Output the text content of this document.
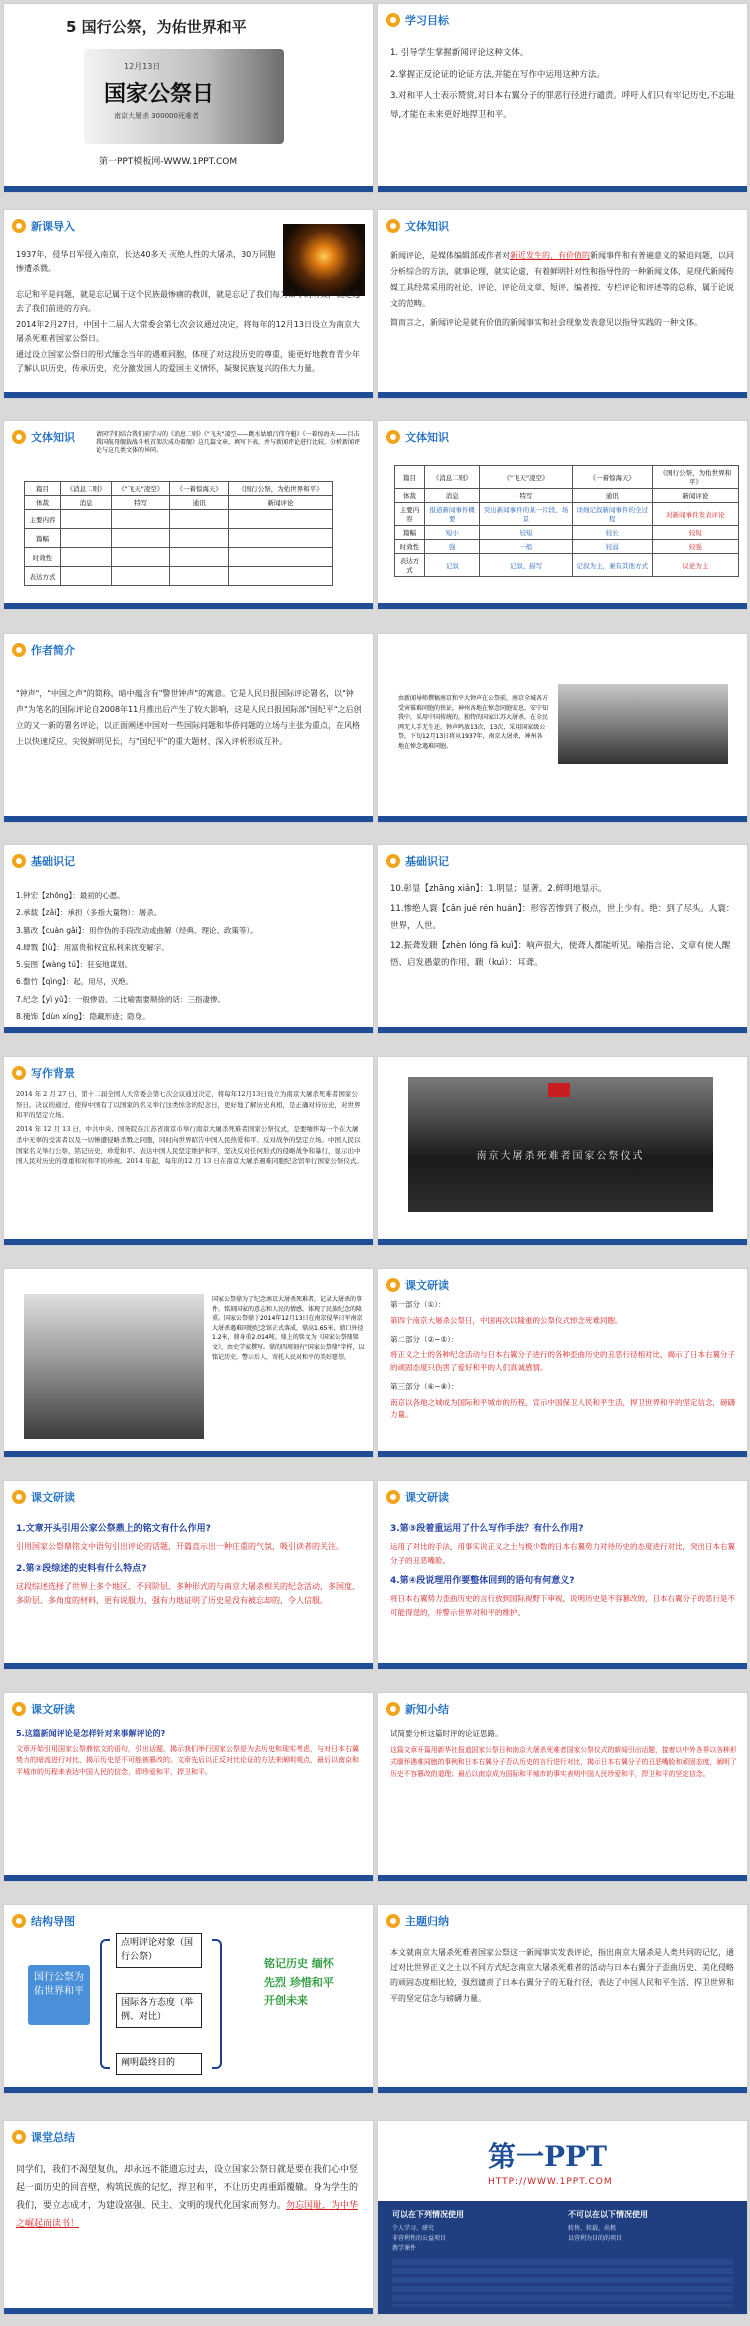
5 国行公祭，为佑世界和平
12月13日
国家公祭日
南京大屠杀 300000死难者
第一PPT模板网-WWW.1PPT.COM
学习目标

1. 引导学生掌握新闻评论这种文体。

2.掌握正反论证的论证方法,并能在写作中运用这种方法。

3.对和平人士表示赞赏,对日本右翼分子的罪恶行径进行谴责。呼吁人们只有牢记历史,不忘耻辱,才能在未来更好地捍卫和平。

新课导入

1937年，侵华日军侵入南京，长达40多天 灭绝人性的大屠杀，30万同胞惨遭杀戮。

忘记和平是问题，就是忘记属于这个民族最惨痛的教训，就是忘记了我们每为命令的对策，就是逃去了我们前进的方向。

2014年2月27日，中国十二届人大常委会第七次会议通过决定，将每年的12月13日设立为南京大屠杀死难者国家公祭日。

通过设立国家公祭日的形式缅念当年的遇难同胞，体现了对这段历史的尊重，能更好地教育青少年了解认识历史，传承历史，充分激发国人的爱国主义情怀，凝聚民族复兴的伟大力量。

文体知识

新闻评论，是媒体编辑部或作者对新近发生的、有价值的新闻事件和有普遍意义的紧迫问题，以同分析综合的方法，就事论理，就实论虚，有着鲜明针对性和指导性的一种新闻文体，是现代新闻传媒工具经常采用的社论、评论、评论员文章、短评、编者按、专栏评论和评述等的总称，属于论说文的范畴。

简而言之，新闻评论是就有价值的新闻事实和社会现象发表意见以指导实践的一种文体。

文体知识	请同学们结合我们前学习的《消息二则》《"飞天"凌空——跳水姑娘吕伟夺魁》《一着惊海天——目击我国航母舰载战斗机首架次成功着舰》这几篇文章，填写下表，并与新闻评论进行比较，分析新闻评论与这几类文体的异同。
篇目	《消息二则》	《"飞天"凌空》	《一着惊海天》	《国行公祭，为佑世界和平》
体裁	消息	特写	通讯	新闻评论
主要内容				
篇幅				
时效性				
表达方式				
文体知识
篇目	《消息二则》	《"飞天"凌空》	《一着惊海天》	《国行公祭，为佑世界和平》
体裁	消息	特写	通讯	新闻评论
主要内容	报道新闻事件概要	突出新闻事件的某一片段、场景	详细记叙新闻事件的全过程	对新闻事件发表评论
篇幅	短小	较短	较长	较短
时效性	强	一般	较弱	较强
表达方式	记叙	记叙、描写	记叙为主，兼有其他方式	议论为主
作者简介

"钟声"，"中国之声"的简称，暗中蕴含有"警世钟声"的寓意。它是人民日报国际评论署名，以"钟声"为笔名的国际评论自2008年11月推出后产生了较大影响，这是人民日报国际部"国纪平"之后创立的又一新的署名评论，以正面阐述中国对一些国际问题和华侨问题的立场与主张为重点，在风格上以快速反应、尖锐鲜明见长，与"国纪平"的重大题材、深入评析形成互补。

由新闻导师撰稿南京和平大钟声在公祭前，南京全城各方受害罹难同胞的铁证，神州各地在悼念同胞安息，安宁知我中，采用中国传统的，独特的国家江苏大屠杀，在全民网无人手无生还。钟声鸣放13次，13次，采用国家级公祭，下旬12月13日将从1937年，南京大屠杀，神州各地在悼念遇难同胞。
基础识记

1.钟宏【zhōng】：最初的心愿。

2.承载【zǎi】：承担（多指大量物）：屠杀。

3.篡改【cuàn gǎi】：用作伪的手段改动或曲解（经典、理论、政策等）。

4.肆戮【lù】：用富贵和权宜私利来扰变解字。

5.妄图【wàng tú】：狂妄地谋划。

6.罄竹【qìng】：起，用尽，灭绝。

7.纪念【yì yǔ】：一般惨语。二比喻需要顺徐的话：三指凄惨。

8.掩饰【dùn xíng】：隐藏形迹；隐身。

基础识记

10.彰显【zhāng xiǎn】：1.明显；显著。2.鲜明地显示。

11.惨绝人寰【cǎn jué rén huán】：形容苦惨到了极点，世上少有。绝：到了尽头。人寰：世界，人世。

12.振聋发聩【zhèn lóng fā kuì】：响声很大，使聋人都能听见。喻指言论、文章有使人醒悟、启发愚蒙的作用。聩（kuì）：耳聋。

写作背景

2014 年 2 月 27 日，第十二届全国人大常委会第七次会议通过决定，将每年12月13日设立为南京大屠杀死难者国家公祭日。决议的通过，使得中国有了以国家的名义举行这类悼念的纪念日，更好地了解历史真相，是正确对待历史，对世界和平的坚定立场。

2014 年 12 月 13 日，中共中央、国务院在江苏省南京市举行南京大屠杀死难者国家公祭仪式，是要缅怀每一个在大屠杀中无辜的受害者以及一切惨遭侵略杀戮之同胞，同时向世界昭告中国人民热爱和平、反对战争的坚定立场。中国人民以国家名义举行公祭，铭记历史，珍爱和平。表达中国人民坚定维护和平、坚决反对任何形式的侵略战争和暴行，显示出中国人民对历史的尊重和对和平的珍视。2014 年起，每年的12 月 13 日在南京大屠杀遇难同胞纪念馆举行国家公祭仪式。	南京大屠杀死难者国家公祭仪式
国家公祭鼎为了纪念南京大屠杀死难者，记录大屠杀的事件。铭刻国家的意志和人民的情感，体现了民族纪念的隆重。国家公祭鼎于2014年12月13日在南京侵华日军南京大屠杀遇难同胞纪念馆正式落成，鼎高1.65米，鼎口外径1.2米，鼎身重2.014吨。鼎上的铭文为《国家公祭鼎铭文》，由史学家撰写。鼎的四周刻有"国家公祭鼎"字样，以铭记历史，警示后人，寄托人民对和平的美好愿望。
课文研读

第一部分（①）：

第四个南京大屠杀公祭日，中国再次以隆重的公祭仪式悼念死难同胞。

第二部分（②~⑤）：

将正义之士的各种纪念活动与日本右翼分子进行的各种歪曲历史的丑恶行径相对比，揭示了日本右翼分子的顽固态度只伤害了爱好和平的人们真诚感情。

第三部分（⑥~⑧）：

南京以各地之城成为国际和平城市的历程，宣示中国保卫人民和平生活，捍卫世界和平的坚定信念，磅礴力量。

课文研读

1.文章开头引用公家公祭鼎上的铭文有什么作用?

引用国家公祭鼎铭文中语句引出评论的话题，开篇直示出一种庄重的气氛，吸引读者的关注。

2.第②段综述的史料有什么特点?

这段综述选择了世界上多个地区、不同阶层、多种形式的与南京大屠杀相关的纪念活动，多国度、多阶层、多角度的材料，更有说服力，强有力地证明了历史是没有被忘却的，令人信服。

课文研读

3.第③段着重运用了什么写作手法？有什么作用?

运用了对比的手法，用事实说正义之士与极少数的日本右翼势力对待历史的态度进行对比，突出日本右翼分子的丑恶嘴脸。

4.第④段说理用作要整体回到的语句有何意义?

将日本右翼势力歪曲历史的言行放到国际视野下审视，说明历史是不容篡改的，日本右翼分子的恶行是不可能得逞的，并警示世界对和平的维护。

课文研读

5.这篇新闻评论是怎样针对来事解评论的?

文章开始引用国家公祭鼎铭文的语句，引出话题，揭示我们举行国家公祭是为去历史和现实考虑，与对日本右翼势力的暗流进行对比，揭示历史是不可能被篡改的。文章先后以正反对比论证的方法来阐明观点，最后以南京和平城市的历程来表达中国人民的信念，即珍爱和平，捍卫和平。

新知小结

试简要分析这篇时评的论证思路。

这篇文章开篇用新华社报道国家公祭日和南京大屠杀死难者国家公祭仪式的新闻引出话题，接着以中外各界以各种形式缅怀遇难同胞的事例和日本右翼分子否认历史的言行进行对比，揭示日本右翼分子的丑恶嘴脸和顽固态度，阐明了历史不容篡改的道理；最后以南京成为国际和平城市的事实表明中国人民珍爱和平，捍卫和平的坚定信念。

结构导图
国行公祭为佑世界和平
点明评论对象（国行公祭）
国际各方态度（举例、对比）
阐明最终目的
铭记历史 缅怀先烈 珍惜和平 开创未来
主题归纳

本文就南京大屠杀死难者国家公祭这一新闻事实发表评论，指出南京大屠杀是人类共同的记忆，通过对比世界正义之士以不同方式纪念南京大屠杀死难者的活动与日本右翼分子歪曲历史、美化侵略的顽固态度相比较，强烈谴责了日本右翼分子的无耻行径，表达了中国人民和平生活、捍卫世界和平的坚定信念与磅礴力量。

课堂总结

同学们，我们不渴望复仇，却永远不能遗忘过去，设立国家公祭日就是要在我们心中竖起一面历史的回音壁，构筑民族的记忆，捍卫和平，不让历史再重蹈覆辙。身为学生的我们，要立志成才，为建设富强、民主、文明的现代化国家而努力。勿忘国耻，为中华之崛起而读书！

第一PPT
HTTP://WWW.1PPT.COM
可以在下列情况使用
个人学习、研究
非营利性的公益项目
教学课件
不可以在以下情况使用
转售、转载、出租
以营利为目的的项目
